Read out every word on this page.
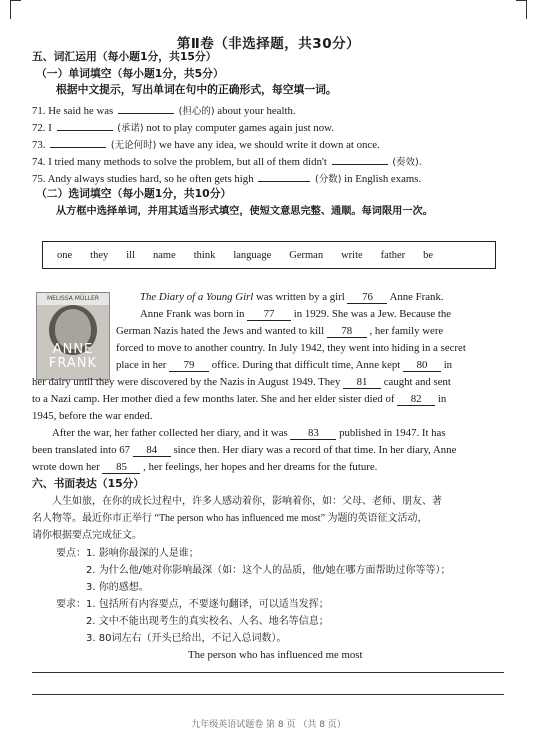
第Ⅱ卷（非选择题，共30分）
五、词汇运用（每小题1分，共15分）
（一）单词填空（每小题1分，共5分）
根据中文提示，写出单词在句中的正确形式，每空填一词。
71. He said he was	(担心的) about your health.
72. I	(承诺) not to play computer games again just now.
73.	(无论何时) we have any idea, we should write it down at once.
74. I tried many methods to solve the problem, but all of them didn't	(奏效).
75. Andy always studies hard, so he often gets high	(分数) in English exams.
（二）选词填空（每小题1分，共10分）
从方框中选择单词，并用其适当形式填空，使短文意思完整、通顺。每词限用一次。
one they ill name think language German write father be
MELISSA MÜLLER
ANNE
FRANK
The Diary of a Young Girl was written by a girl 76 Anne Frank.
Anne Frank was born in 77 in 1929. She was a Jew. Because the
German Nazis hated the Jews and wanted to kill 78 , her family were
forced to move to another country. In July 1942, they went into hiding in a secret
place in her 79 office. During that difficult time, Anne kept 80 in
her dairy until they were discovered by the Nazis in August 1949. They 81 caught and sent
to a Nazi camp. Her mother died a few months later. She and her elder sister died of 82 in
1945, before the war ended.
After the war, her father collected her diary, and it was 83 published in 1947. It has
been translated into 67 84 since then. Her diary was a record of that time. In her diary, Anne
wrote down her 85 , her feelings, her hopes and her dreams for the future.
六、书面表达（15分）
人生如旅，在你的成长过程中，许多人感动着你，影响着你，如：父母、老师、朋友、著
名人物等。最近你市正举行 “The person who has influenced me most” 为题的英语征文活动，
请你根据要点完成征文。
要点：1. 影响你最深的人是谁；
2. 为什么他/她对你影响最深（如：这个人的品质，他/她在哪方面帮助过你等等）；
3. 你的感想。
要求：1. 包括所有内容要点，不要逐句翻译，可以适当发挥；
2. 文中不能出现考生的真实校名、人名、地名等信息；
3. 80词左右（开头已给出，不记入总词数）。
The person who has influenced me most
九年级英语试题卷 第 8 页 （共 8 页）
